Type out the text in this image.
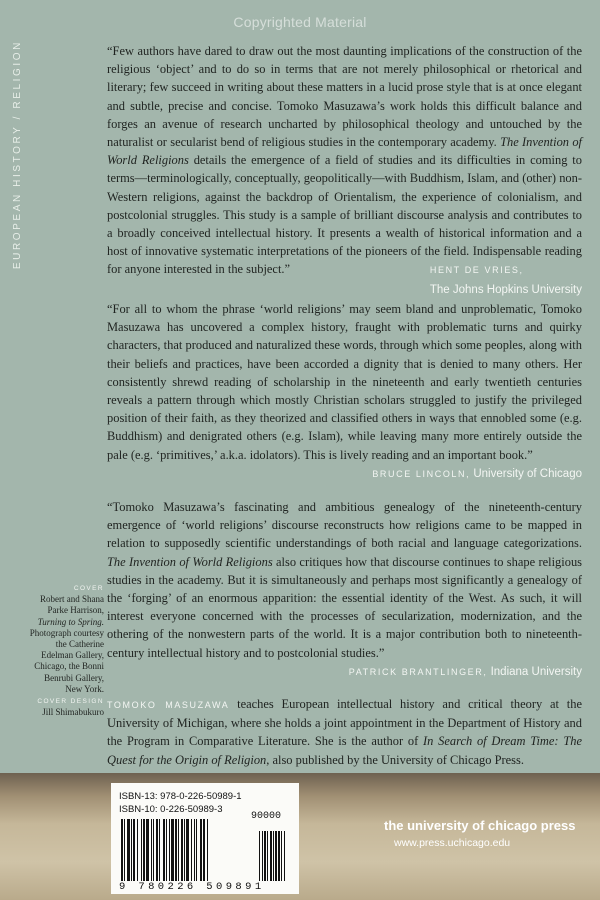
Copyrighted Material
EUROPEAN HISTORY / RELIGION	“Few authors have dared to draw out the most daunting implications of the construction of the religious ‘object’ and to do so in terms that are not merely philosophical or rhetorical and literary; few succeed in writing about these matters in a lucid prose style that is at once elegant and subtle, precise and concise. Tomoko Masuzawa’s work holds this difficult balance and forges an avenue of research uncharted by philosophical theology and untouched by the naturalist or secularist bend of religious studies in the contemporary academy. The Invention of World Religions details the emergence of a field of studies and its difficulties in coming to terms—terminologically, conceptually, geopolitically—with Buddhism, Islam, and (other) non-Western religions, against the backdrop of Orientalism, the experience of colonialism, and postcolonial struggles. This study is a sample of brilliant discourse analysis and contributes to a broadly conceived intellectual history. It presents a wealth of historical information and a host of innovative systematic interpretations of the pioneers of the field. Indispensable reading for anyone interested in the subject.”	HENT DE VRIES,
The Johns Hopkins University

“For all to whom the phrase ‘world religions’ may seem bland and unproblematic, Tomoko Masuzawa has uncovered a complex history, fraught with problematic turns and quirky characters, that produced and naturalized these words, through which some peoples, along with their beliefs and practices, have been accorded a dignity that is denied to many others. Her consistently shrewd reading of scholarship in the nineteenth and early twentieth centuries reveals a pattern through which mostly Christian scholars struggled to justify the privileged position of their faith, as they theorized and classified others in ways that ennobled some (e.g. Buddhism) and denigrated others (e.g. Islam), while leaving many more entirely outside the pale (e.g. ‘primitives,’ a.k.a. idolators). This is lively reading and an important book.”

BRUCE LINCOLN, University of Chicago

“Tomoko Masuzawa’s fascinating and ambitious genealogy of the nineteenth-century emergence of ‘world religions’ discourse reconstructs how religions came to be mapped in relation to supposedly scientific understandings of both racial and language categorizations. The Invention of World Religions also critiques how that discourse continues to shape religious studies in the academy. But it is simultaneously and perhaps most significantly a genealogy of the ‘forging’ of an enormous apparition: the essential identity of the West. As such, it will interest everyone concerned with the processes of secularization, modernization, and the othering of the nonwestern parts of the world. It is a major contribution both to nineteenth-century intellectual history and to postcolonial studies.”

PATRICK BRANTLINGER, Indiana University

TOMOKO MASUZAWA teaches European intellectual history and critical theory at the University of Michigan, where she holds a joint appointment in the Department of History and the Program in Comparative Literature. She is the author of In Search of Dream Time: The Quest for the Origin of Religion, also published by the University of Chicago Press.

COVER
Robert and Shana
Parke Harrison,
Turning to Spring.
Photograph courtesy
the Catherine
Edelman Gallery,
Chicago, the Bonni
Benrubi Gallery,
New York.
COVER DESIGN
Jill Shimabukuro
ISBN-13: 978-0-226-50989-1
ISBN-10: 0-226-50989-3
90000
9 780226 509891
the university of chicago press
www.press.uchicago.edu
